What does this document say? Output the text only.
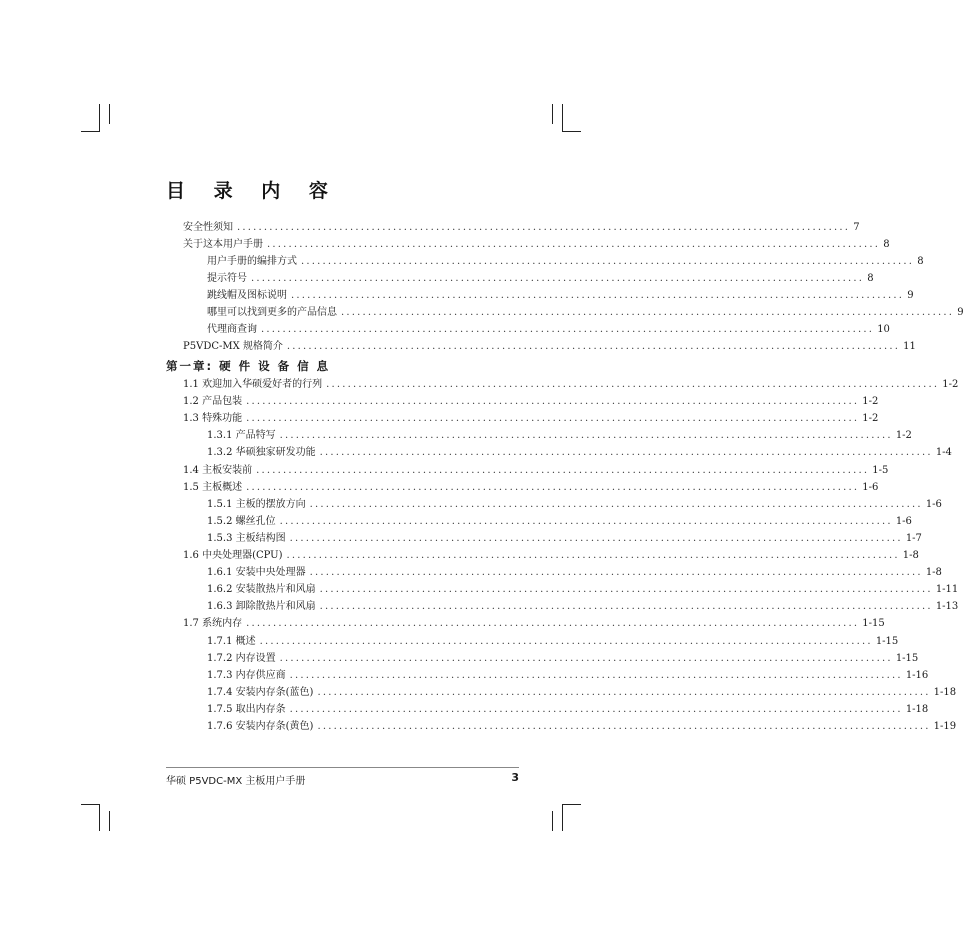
目 录 内 容
安全性须知 .................................................................................................................. 7
关于这本用户手册 .................................................................................................................. 8
用户手册的编排方式 .................................................................................................................. 8
提示符号 .................................................................................................................. 8
跳线帽及图标说明 .................................................................................................................. 9
哪里可以找到更多的产品信息 .................................................................................................................. 9
代理商查询 .................................................................................................................. 10
P5VDC-MX 规格简介 .................................................................................................................. 11
第一章: 硬 件 设 备 信 息
1.1 欢迎加入华硕爱好者的行列 .................................................................................................................. 1-2
1.2 产品包装 .................................................................................................................. 1-2
1.3 特殊功能 .................................................................................................................. 1-2
1.3.1 产品特写 .................................................................................................................. 1-2
1.3.2 华硕独家研发功能 .................................................................................................................. 1-4
1.4 主板安装前 .................................................................................................................. 1-5
1.5 主板概述 .................................................................................................................. 1-6
1.5.1 主板的摆放方向 .................................................................................................................. 1-6
1.5.2 螺丝孔位 .................................................................................................................. 1-6
1.5.3 主板结构图 .................................................................................................................. 1-7
1.6 中央处理器(CPU) .................................................................................................................. 1-8
1.6.1 安装中央处理器 .................................................................................................................. 1-8
1.6.2 安装散热片和风扇 .................................................................................................................. 1-11
1.6.3 卸除散热片和风扇 .................................................................................................................. 1-13
1.7 系统内存 .................................................................................................................. 1-15
1.7.1 概述 .................................................................................................................. 1-15
1.7.2 内存设置 .................................................................................................................. 1-15
1.7.3 内存供应商 .................................................................................................................. 1-16
1.7.4 安装内存条(蓝色) .................................................................................................................. 1-18
1.7.5 取出内存条 .................................................................................................................. 1-18
1.7.6 安装内存条(黄色) .................................................................................................................. 1-19
华硕 P5VDC-MX 主板用户手册	3
